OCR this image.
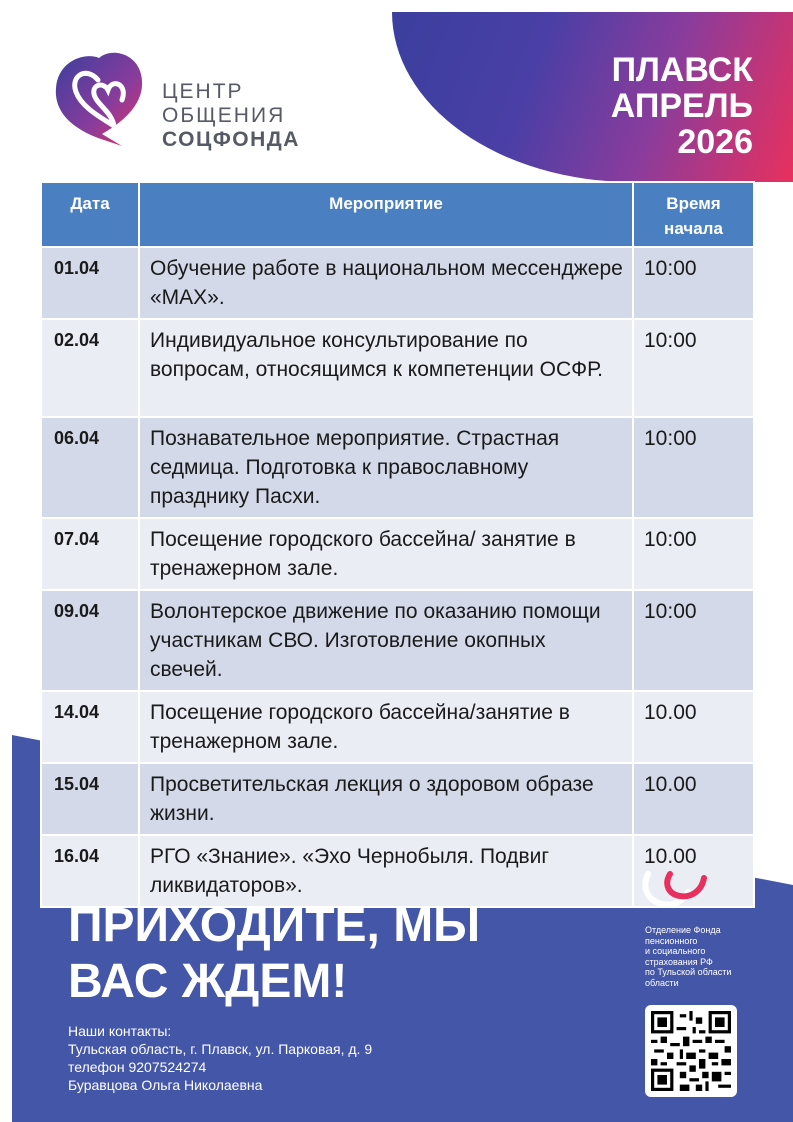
ПЛАВСК
АПРЕЛЬ
2026
ЦЕНТР
ОБЩЕНИЯ
СОЦФОНДА
Дата	Мероприятие	Время начала
01.04	Обучение работе в национальном мессенджере «MAX».	10:00
02.04	Индивидуальное консультирование по вопросам, относящимся к компетенции ОСФР.	10:00
06.04	Познавательное мероприятие. Страстная седмица. Подготовка к православному празднику Пасхи.	10:00
07.04	Посещение городского бассейна/ занятие в тренажерном зале.	10:00
09.04	Волонтерское движение по оказанию помощи участникам СВО. Изготовление окопных свечей.	10:00
14.04	Посещение городского бассейна/занятие в тренажерном зале.	10.00
15.04	Просветительская лекция о здоровом образе жизни.	10.00
16.04	РГО «Знание». «Эхо Чернобыля. Подвиг ликвидаторов».	10.00
ПРИХОДИТЕ, МЫ
ВАС ЖДЕМ!
Наши контакты:
Тульская область, г. Плавск, ул. Парковая, д. 9
телефон 9207524274
Буравцова Ольга Николаевна
Отделение Фонда
пенсионного
и социального
страхования РФ
по Тульской области
области
